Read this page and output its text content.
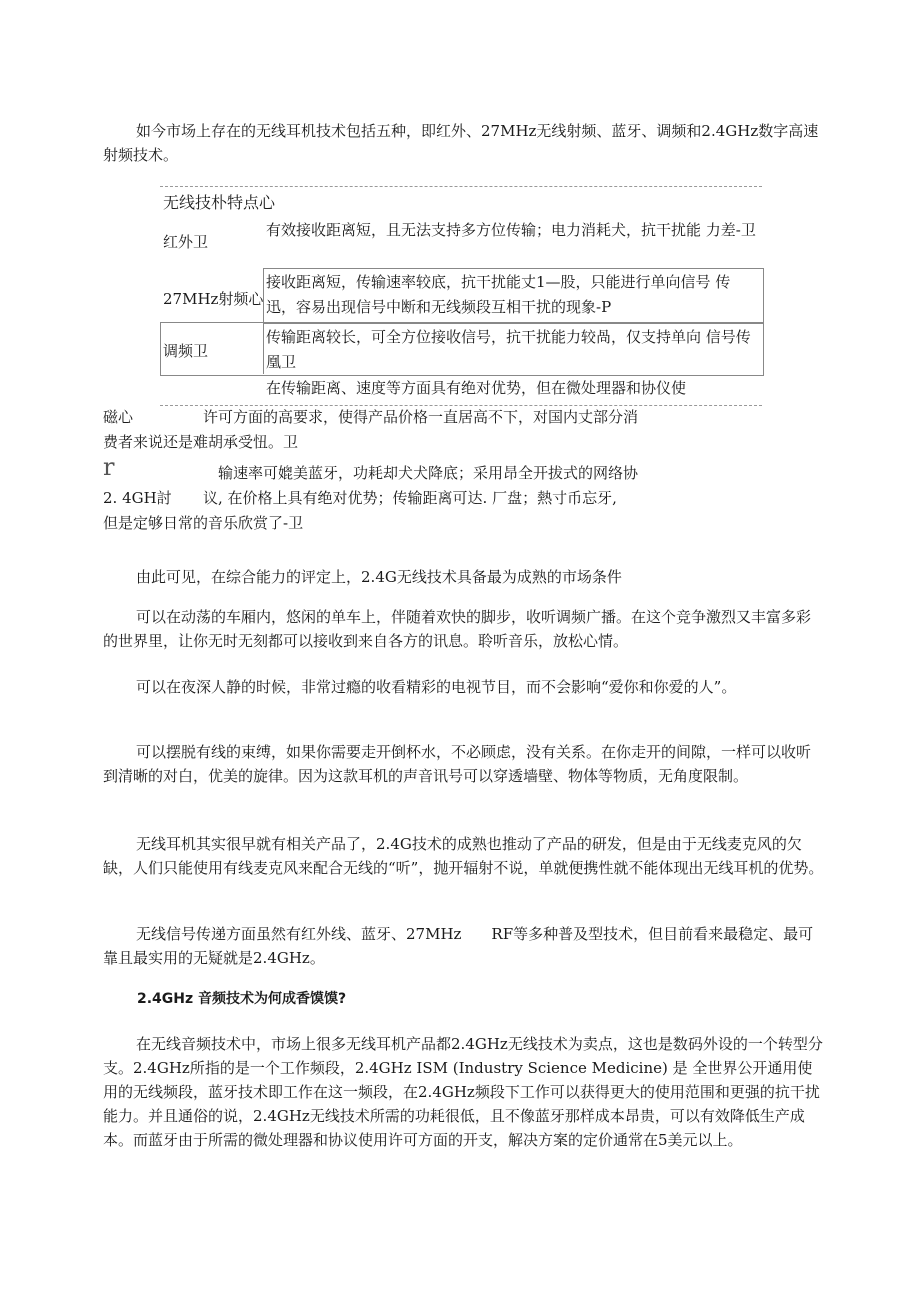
如今市场上存在的无线耳机技术包括五种，即红外、27MHz无线射频、蓝牙、调频和2.4GHz数字高速射频技术。

无线技朴特点心
红外卫
有效接收距离短，且无法支持多方位传输；电力消耗犬，抗干扰能 力差-卫
27MHz射频心
接收距离短，传输速率较底，抗干扰能丈1—股，只能进行单向信号 传迅，容易出现信号中断和无线频段互相干扰的现象-P
调频卫
传输距离较长，可全方位接收信号，抗干扰能力较咼，仅支持单向 信号传凰卫
在传输距离、速度等方面具有绝对优势，但在微处理器和协仪使
磁心	许可方面的高要求，使得产品价格一直居高不下，对国内丈部分消
费者来说还是难胡承受忸。卫
r	输速率可媲美蓝牙，功耗却犬犬降底；采用昂全开拔式的网络协
2. 4GH討 议, 在价格上具有绝对优势；传输距离可达. 厂盘；熱寸币忘牙,
但是定够日常的音乐欣赏了-卫

由此可见，在综合能力的评定上，2.4G无线技术具备最为成熟的市场条件

可以在动荡的车厢内，悠闲的单车上，伴随着欢快的脚步，收听调频广播。在这个竞争激烈又丰富多彩的世界里，让你无时无刻都可以接收到来自各方的讯息。聆听音乐，放松心情。

可以在夜深人静的时候，非常过瘾的收看精彩的电视节目，而不会影响“爱你和你爱的人”。

可以摆脱有线的束缚，如果你需要走开倒杯水，不必顾虑，没有关系。在你走开的间隙，一样可以收听到清晰的对白，优美的旋律。因为这款耳机的声音讯号可以穿透墙壁、物体等物质，无角度限制。

无线耳机其实很早就有相关产品了，2.4G技术的成熟也推动了产品的研发，但是由于无线麦克风的欠缺，人们只能使用有线麦克风来配合无线的“听”，抛开辐射不说，单就便携性就不能体现出无线耳机的优势。

无线信号传递方面虽然有红外线、蓝牙、27MHz　　RF等多种普及型技术，但目前看来最稳定、最可靠且最实用的无疑就是2.4GHz。

2.4GHz 音频技术为何成香馍馍?

在无线音频技术中，市场上很多无线耳机产品都2.4GHz无线技术为卖点，这也是数码外设的一个转型分支。2.4GHz所指的是一个工作频段，2.4GHz ISM (Industry Science Medicine) 是 全世界公开通用使用的无线频段，蓝牙技术即工作在这一频段，在2.4GHz频段下工作可以获得更大的使用范围和更强的抗干扰能力。并且通俗的说，2.4GHz无线技术所需的功耗很低，且不像蓝牙那样成本昂贵，可以有效降低生产成本。而蓝牙由于所需的微处理器和协议使用许可方面的开支，解决方案的定价通常在5美元以上。
